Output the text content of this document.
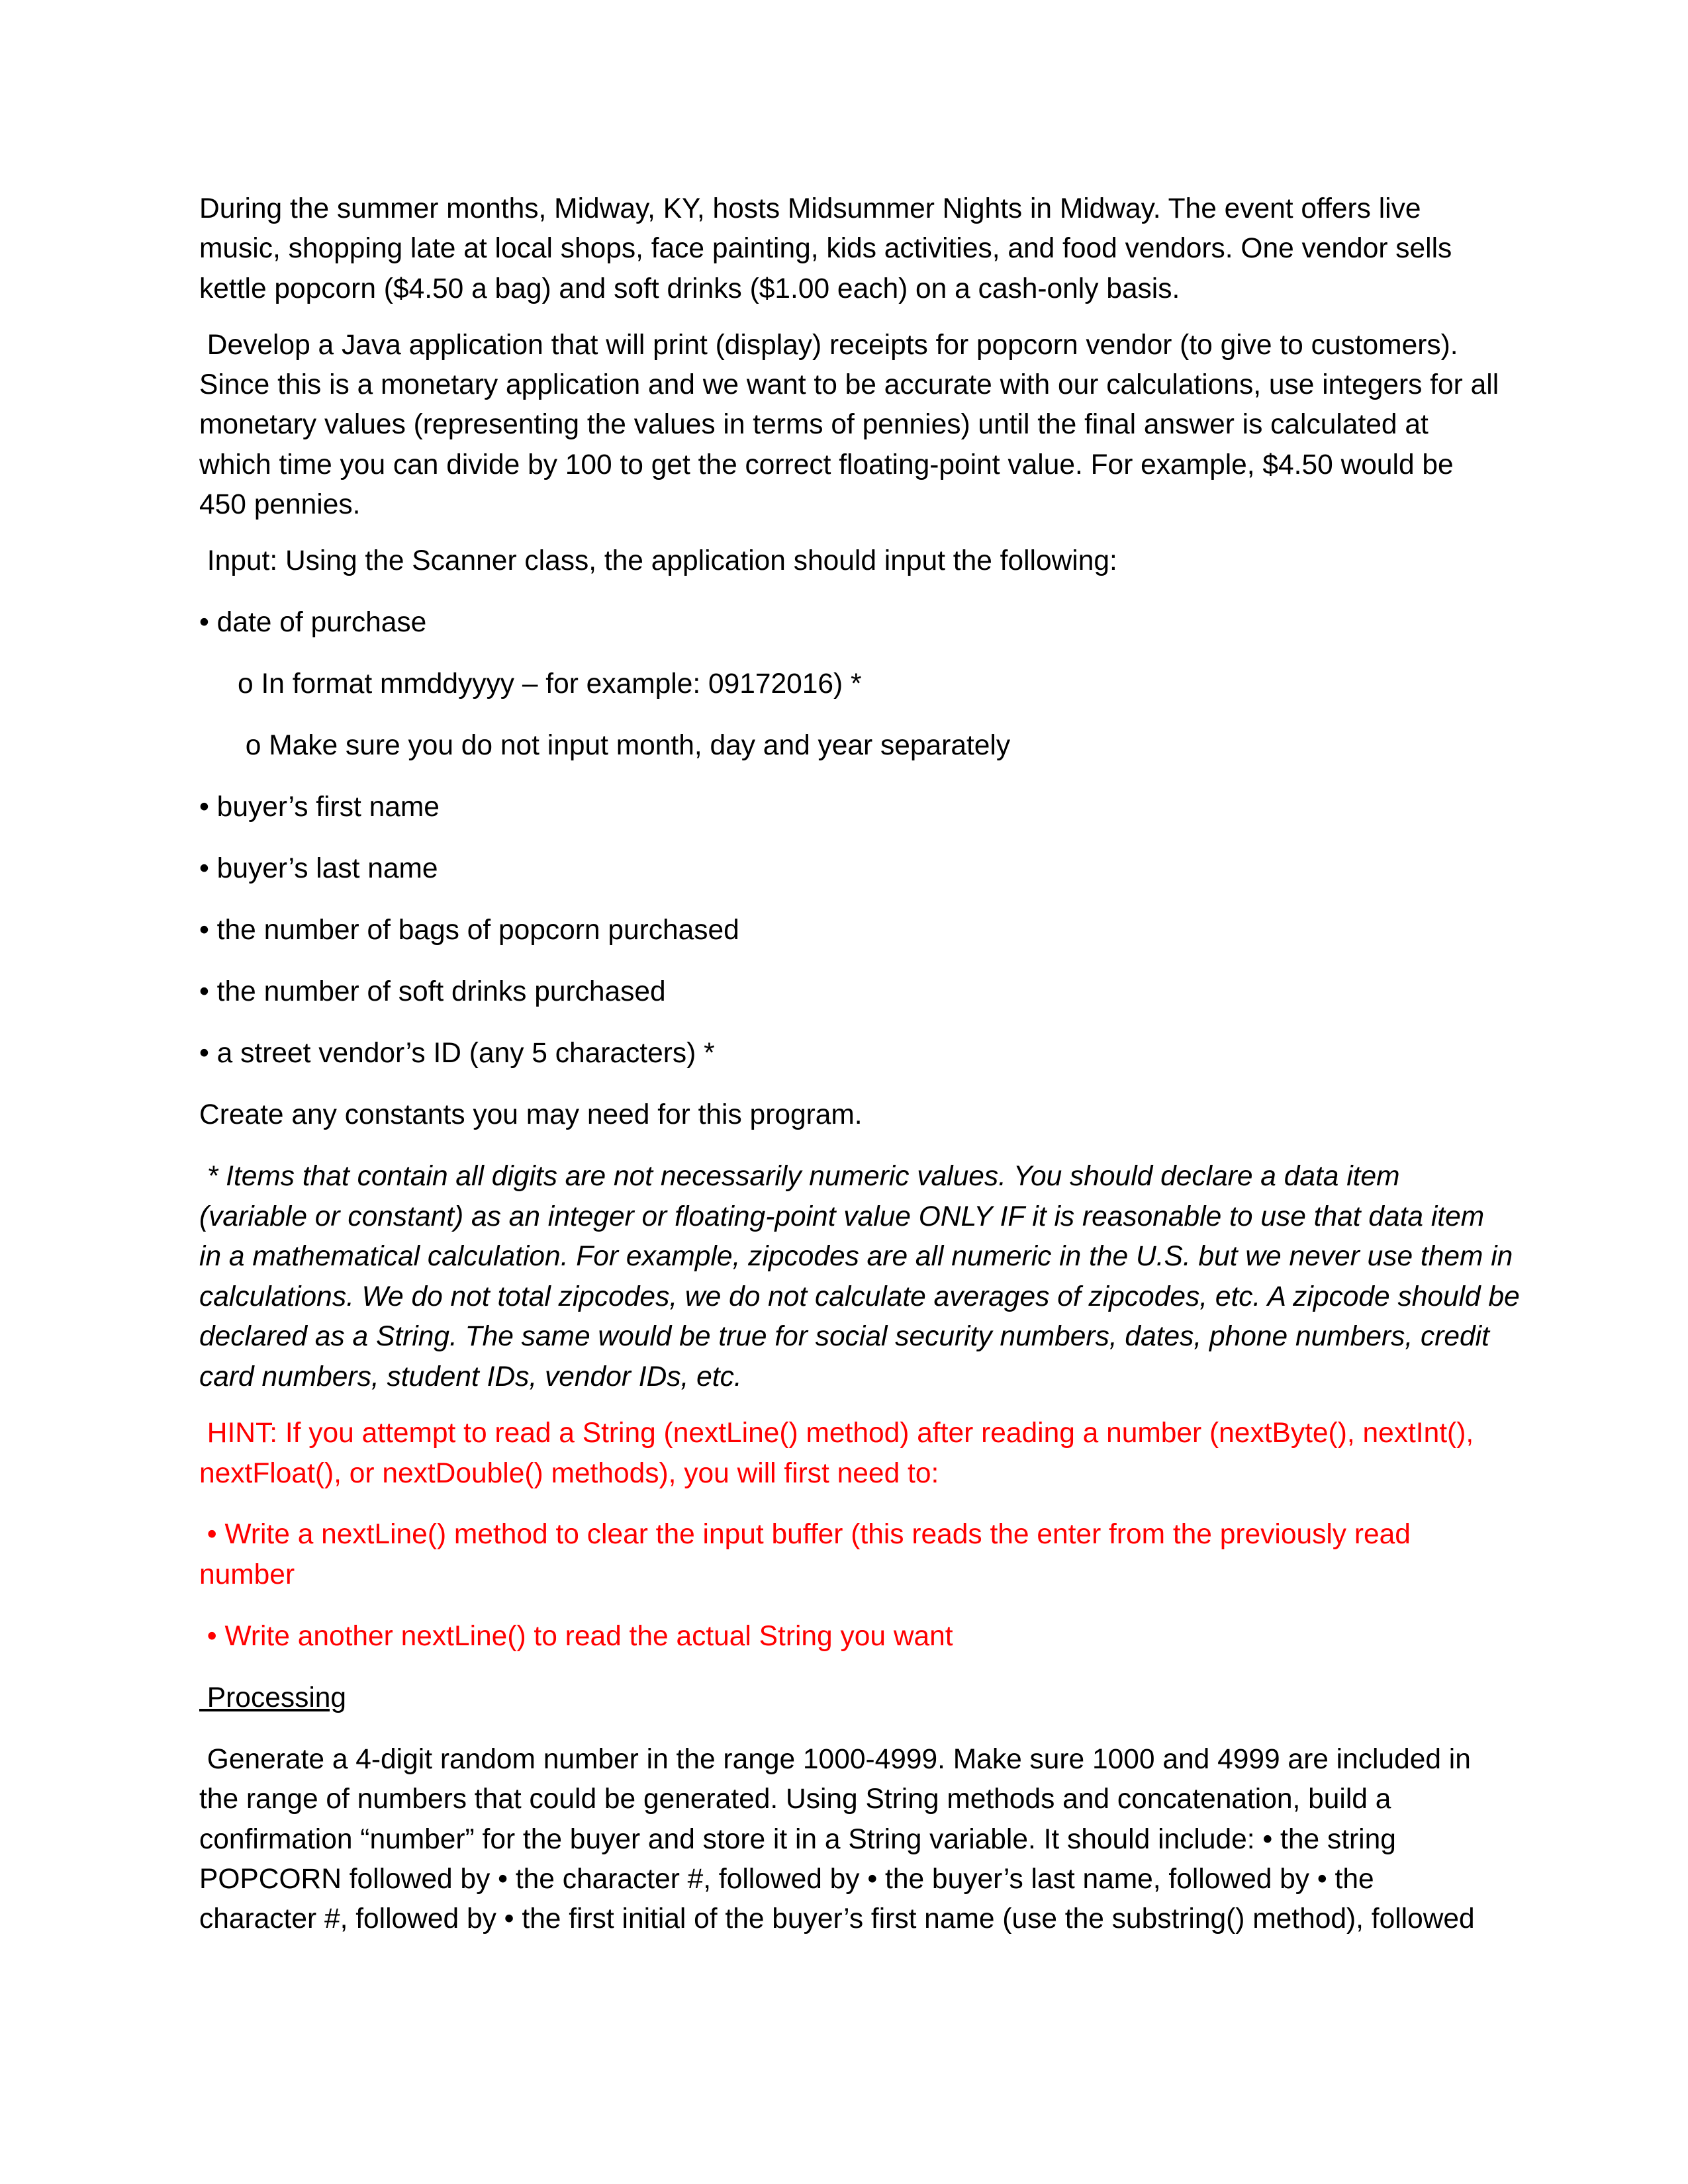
During the summer months, Midway, KY, hosts Midsummer Nights in Midway. The event offers live

music, shopping late at local shops, face painting, kids activities, and food vendors. One vendor sells

kettle popcorn ($4.50 a bag) and soft drinks ($1.00 each) on a cash-only basis.

Develop a Java application that will print (display) receipts for popcorn vendor (to give to customers).

Since this is a monetary application and we want to be accurate with our calculations, use integers for all

monetary values (representing the values in terms of pennies) until the final answer is calculated at

which time you can divide by 100 to get the correct floating-point value. For example, $4.50 would be

450 pennies.

Input: Using the Scanner class, the application should input the following:

• date of purchase

o In format mmddyyyy – for example: 09172016) *

o Make sure you do not input month, day and year separately

• buyer’s first name

• buyer’s last name

• the number of bags of popcorn purchased

• the number of soft drinks purchased

• a street vendor’s ID (any 5 characters) *

Create any constants you may need for this program.

* Items that contain all digits are not necessarily numeric values. You should declare a data item

(variable or constant) as an integer or floating-point value ONLY IF it is reasonable to use that data item

in a mathematical calculation. For example, zipcodes are all numeric in the U.S. but we never use them in

calculations. We do not total zipcodes, we do not calculate averages of zipcodes, etc. A zipcode should be

declared as a String. The same would be true for social security numbers, dates, phone numbers, credit

card numbers, student IDs, vendor IDs, etc.

HINT: If you attempt to read a String (nextLine() method) after reading a number (nextByte(), nextInt(),

nextFloat(), or nextDouble() methods), you will first need to:

• Write a nextLine() method to clear the input buffer (this reads the enter from the previously read

number

• Write another nextLine() to read the actual String you want

Processing

Generate a 4-digit random number in the range 1000-4999. Make sure 1000 and 4999 are included in

the range of numbers that could be generated. Using String methods and concatenation, build a

confirmation “number” for the buyer and store it in a String variable. It should include: • the string

POPCORN followed by • the character #, followed by • the buyer’s last name, followed by • the

character #, followed by • the first initial of the buyer’s first name (use the substring() method), followed
